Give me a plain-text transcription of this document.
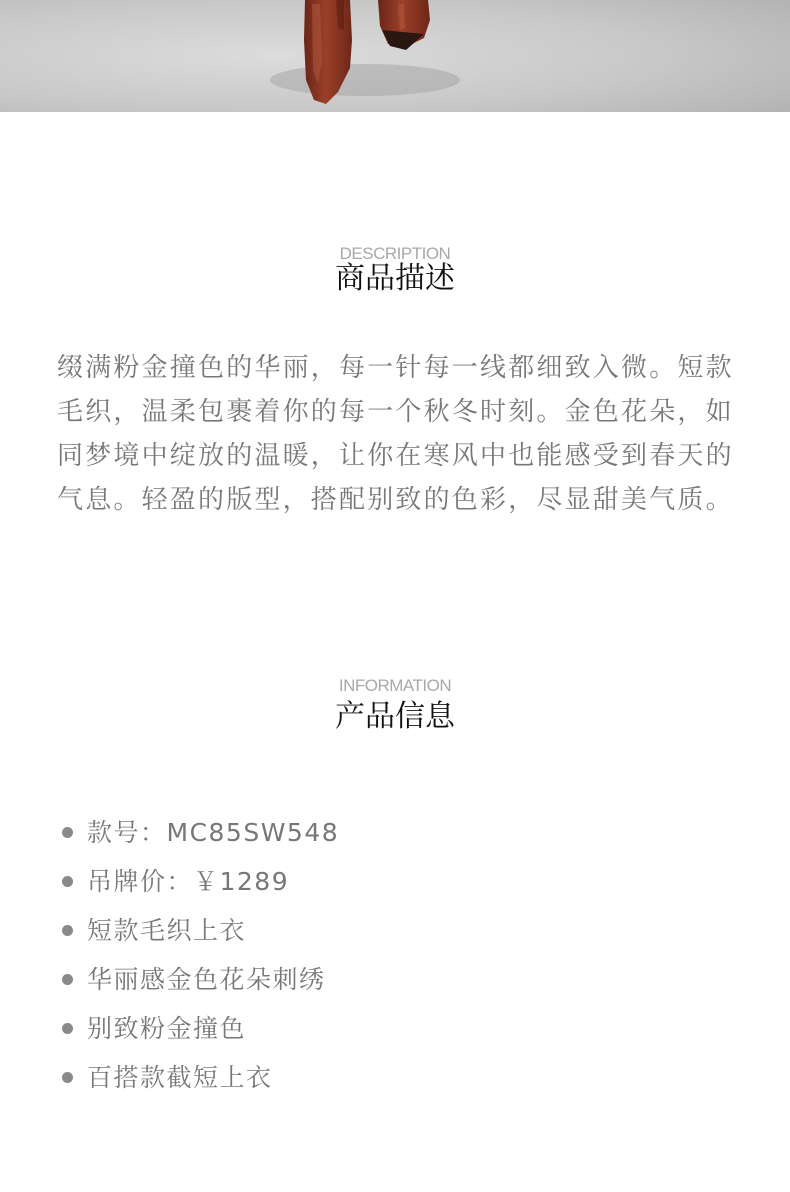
DESCRIPTION
商品描述

缀满粉金撞色的华丽，每一针每一线都细致入微。短款毛织，温柔包裹着你的每一个秋冬时刻。金色花朵，如同梦境中绽放的温暖，让你在寒风中也能感受到春天的气息。轻盈的版型，搭配别致的色彩，尽显甜美气质。

INFORMATION
产品信息
款号：MC85SW548
吊牌价：￥1289
短款毛织上衣
华丽感金色花朵刺绣
别致粉金撞色
百搭款截短上衣
